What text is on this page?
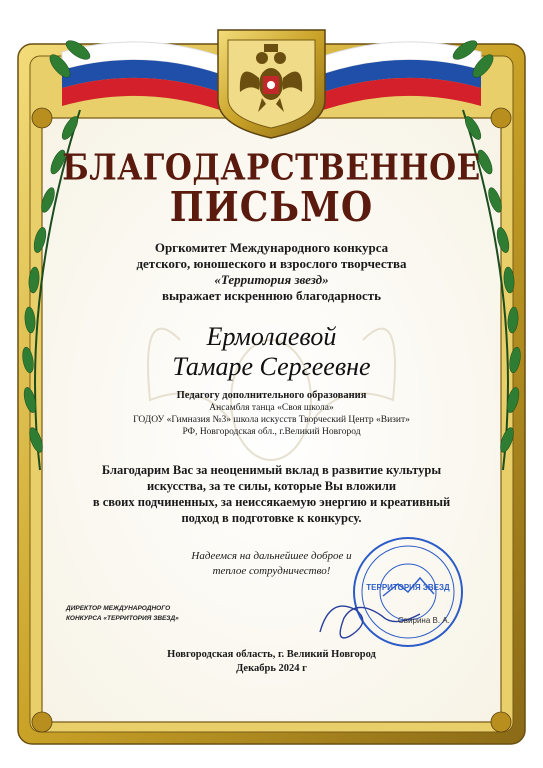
ТЕРРИТОРИЯ ЗВЕЗД
БЛАГОДАРСТВЕННОЕ
ПИСЬМО
Оргкомитет Международного конкурса
детского, юношеского и взрослого творчества
«Территория звезд»
выражает искреннюю благодарность
Ермолаевой
Тамаре Сергеевне
Педагогу дополнительного образования
Ансамбля танца «Своя школа»
ГОДОУ «Гимназия №3» школа искусств Творческий Центр «Визит»
РФ, Новгородская обл., г.Великий Новгород
Благодарим Вас за неоценимый вклад в развитие культуры
искусства, за те силы, которые Вы вложили
в своих подчиненных, за неиссякаемую энергию и креативный
подход в подготовке к конкурсу.
Надеемся на дальнейшее доброе и
теплое сотрудничество!
ДИРЕКТОР МЕЖДУНАРОДНОГО
КОНКУРСА «ТЕРРИТОРИЯ ЗВЕЗД»	Свирина В. А.
Новгородская область, г. Великий Новгород
Декабрь 2024 г
